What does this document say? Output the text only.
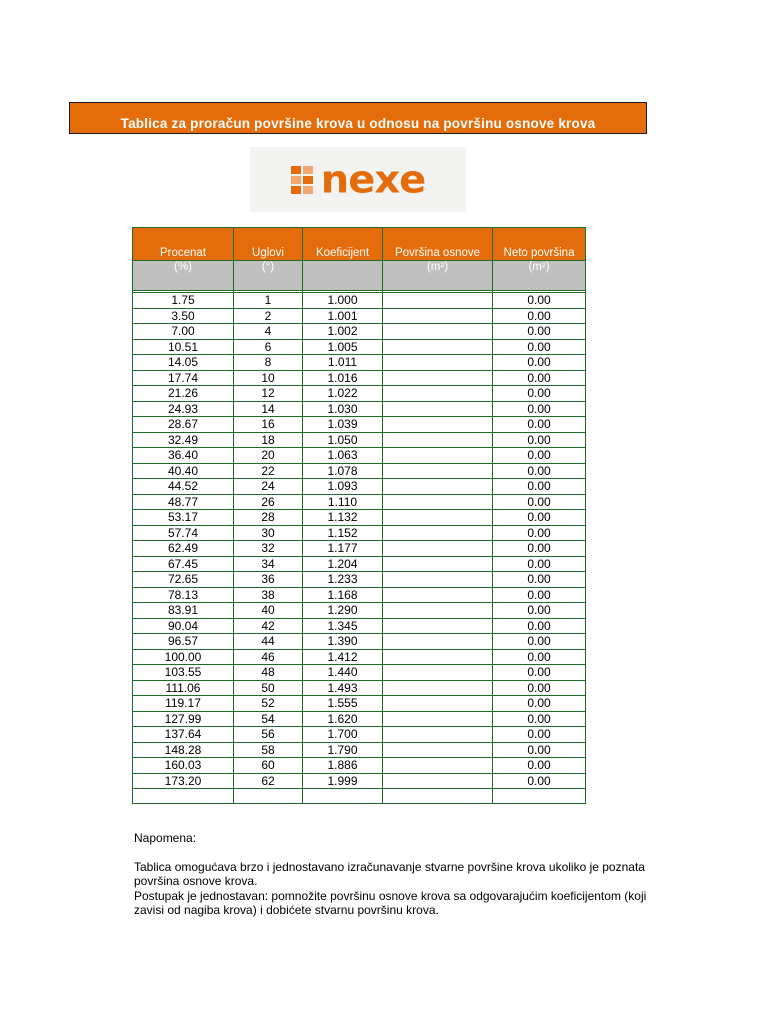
Tablica za proračun površine krova u odnosu na površinu osnove krova
nexe
Procenat	Uglovi	Koeficijent	Površina osnove	Neto površina
(%)	(°)		(m²)	(m²)

1.75	1	1.000		0.00
3.50	2	1.001		0.00
7.00	4	1.002		0.00
10.51	6	1.005		0.00
14.05	8	1.011		0.00
17.74	10	1.016		0.00
21.26	12	1.022		0.00
24.93	14	1.030		0.00
28.67	16	1.039		0.00
32.49	18	1.050		0.00
36.40	20	1.063		0.00
40.40	22	1.078		0.00
44.52	24	1.093		0.00
48.77	26	1.110		0.00
53.17	28	1.132		0.00
57.74	30	1.152		0.00
62.49	32	1.177		0.00
67.45	34	1.204		0.00
72.65	36	1.233		0.00
78.13	38	1.168		0.00
83.91	40	1.290		0.00
90.04	42	1.345		0.00
96.57	44	1.390		0.00
100.00	46	1.412		0.00
103.55	48	1.440		0.00
111.06	50	1.493		0.00
119.17	52	1.555		0.00
127.99	54	1.620		0.00
137.64	56	1.700		0.00
148.28	58	1.790		0.00
160.03	60	1.886		0.00
173.20	62	1.999		0.00

Napomena:

Tablica omogućava brzo i jednostavano izračunavanje stvarne površine krova ukoliko je poznata površina osnove krova.

Postupak je jednostavan: pomnožite površinu osnove krova sa odgovarajućim koeficijentom (koji zavisi od nagiba krova) i dobićete stvarnu površinu krova.
